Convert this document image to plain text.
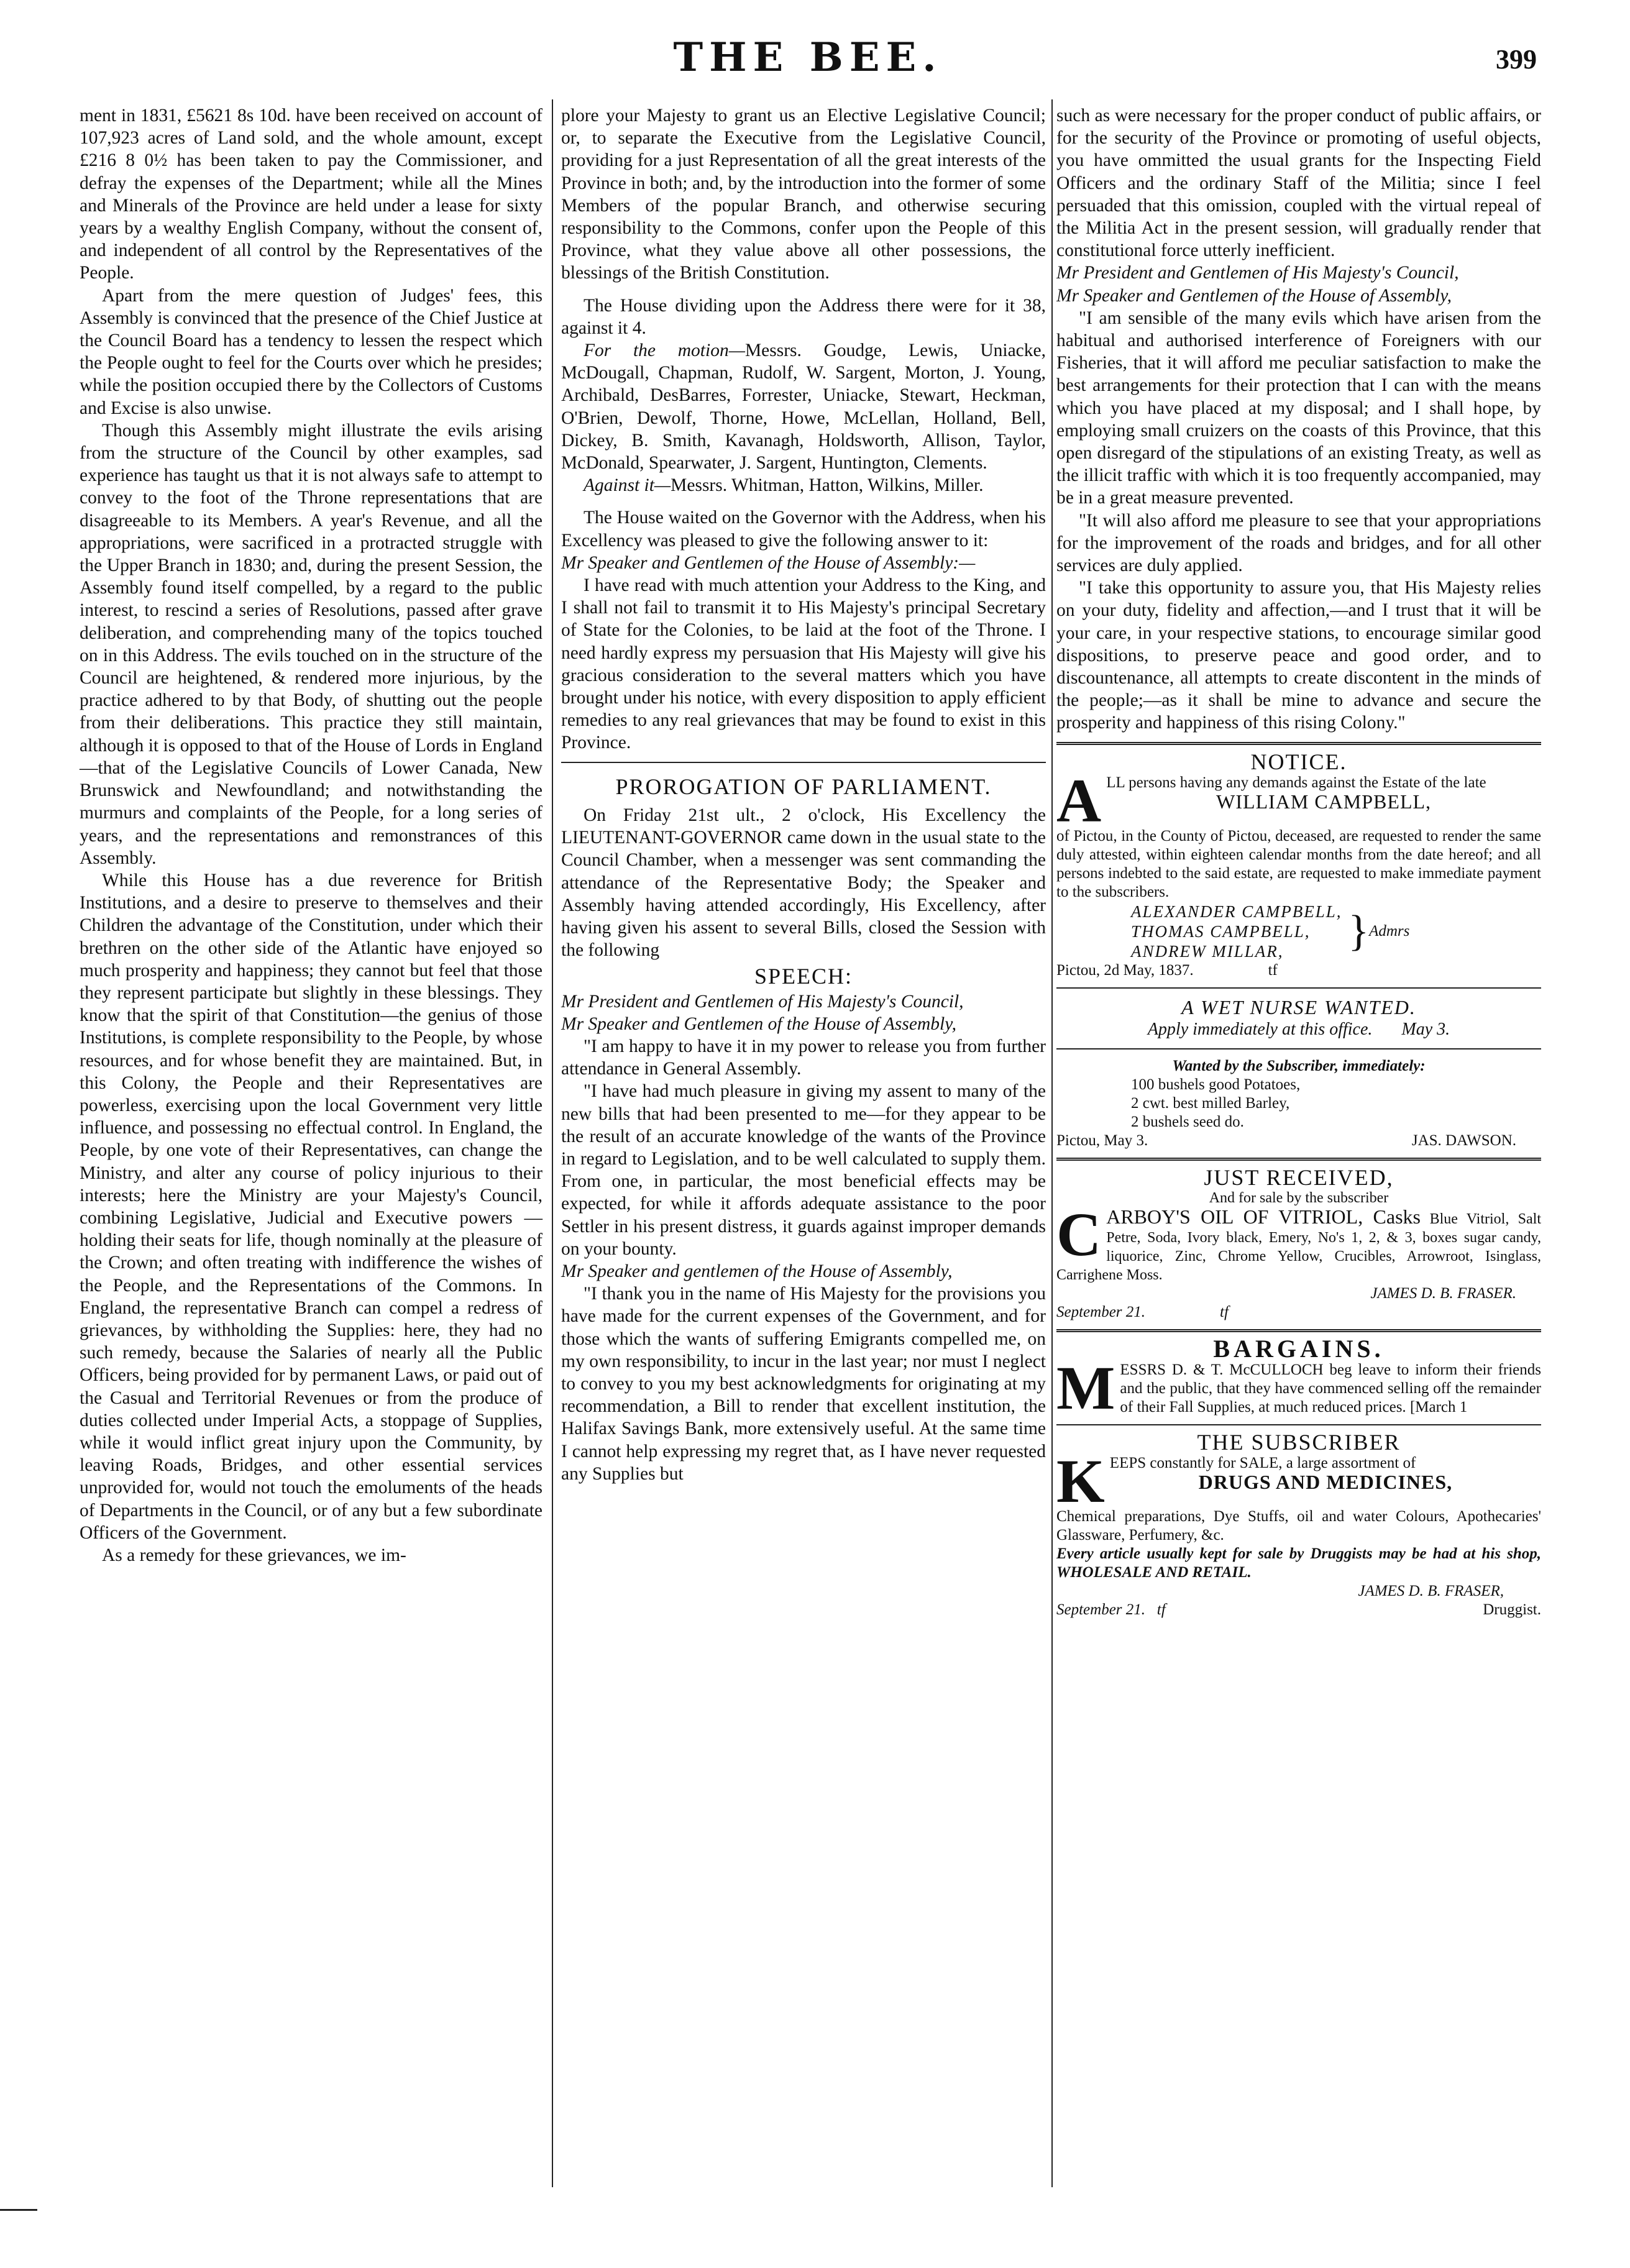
THE BEE.	399

ment in 1831, £5621 8s 10d. have been received on account of 107,923 acres of Land sold, and the whole amount, except £216 8 0½ has been taken to pay the Commissioner, and defray the expenses of the Department; while all the Mines and Minerals of the Province are held under a lease for sixty years by a wealthy English Company, without the consent of, and independent of all control by the Representatives of the People.

Apart from the mere question of Judges' fees, this Assembly is convinced that the presence of the Chief Justice at the Council Board has a tendency to lessen the respect which the People ought to feel for the Courts over which he presides; while the position occupied there by the Collectors of Customs and Excise is also unwise.

Though this Assembly might illustrate the evils arising from the structure of the Council by other examples, sad experience has taught us that it is not always safe to attempt to convey to the foot of the Throne representations that are disagreeable to its Members. A year's Revenue, and all the appropriations, were sacrificed in a protracted struggle with the Upper Branch in 1830; and, during the present Session, the Assembly found itself compelled, by a regard to the public interest, to rescind a series of Resolutions, passed after grave deliberation, and comprehending many of the topics touched on in this Address. The evils touched on in the structure of the Council are heightened, & rendered more injurious, by the practice adhered to by that Body, of shutting out the people from their deliberations. This practice they still maintain, although it is opposed to that of the House of Lords in England —that of the Legislative Councils of Lower Canada, New Brunswick and Newfoundland; and notwithstanding the murmurs and complaints of the People, for a long series of years, and the representations and remonstrances of this Assembly.

While this House has a due reverence for British Institutions, and a desire to preserve to themselves and their Children the advantage of the Constitution, under which their brethren on the other side of the Atlantic have enjoyed so much prosperity and happiness; they cannot but feel that those they represent participate but slightly in these blessings. They know that the spirit of that Constitution—the genius of those Institutions, is complete responsibility to the People, by whose resources, and for whose benefit they are maintained. But, in this Colony, the People and their Representatives are powerless, exercising upon the local Government very little influence, and possessing no effectual control. In England, the People, by one vote of their Representatives, can change the Ministry, and alter any course of policy injurious to their interests; here the Ministry are your Majesty's Council, combining Legislative, Judicial and Executive powers —holding their seats for life, though nominally at the pleasure of the Crown; and often treating with indifference the wishes of the People, and the Representations of the Commons. In England, the representative Branch can compel a redress of grievances, by withholding the Supplies: here, they had no such remedy, because the Salaries of nearly all the Public Officers, being provided for by permanent Laws, or paid out of the Casual and Territorial Revenues or from the produce of duties collected under Imperial Acts, a stoppage of Supplies, while it would inflict great injury upon the Community, by leaving Roads, Bridges, and other essential services unprovided for, would not touch the emoluments of the heads of Departments in the Council, or of any but a few subordinate Officers of the Government.

As a remedy for these grievances, we im-

plore your Majesty to grant us an Elective Legislative Council; or, to separate the Executive from the Legislative Council, providing for a just Representation of all the great interests of the Province in both; and, by the introduction into the former of some Members of the popular Branch, and otherwise securing responsibility to the Commons, confer upon the People of this Province, what they value above all other possessions, the blessings of the British Constitution.

The House dividing upon the Address there were for it 38, against it 4.

For the motion—Messrs. Goudge, Lewis, Uniacke, McDougall, Chapman, Rudolf, W. Sargent, Morton, J. Young, Archibald, DesBarres, Forrester, Uniacke, Stewart, Heckman, O'Brien, Dewolf, Thorne, Howe, McLellan, Holland, Bell, Dickey, B. Smith, Kavanagh, Holdsworth, Allison, Taylor, McDonald, Spearwater, J. Sargent, Huntington, Clements.

Against it—Messrs. Whitman, Hatton, Wilkins, Miller.

The House waited on the Governor with the Address, when his Excellency was pleased to give the following answer to it:

Mr Speaker and Gentlemen of the House of Assembly:—

I have read with much attention your Address to the King, and I shall not fail to transmit it to His Majesty's principal Secretary of State for the Colonies, to be laid at the foot of the Throne. I need hardly express my persuasion that His Majesty will give his gracious consideration to the several matters which you have brought under his notice, with every disposition to apply efficient remedies to any real grievances that may be found to exist in this Province.

PROROGATION OF PARLIAMENT.

On Friday 21st ult., 2 o'clock, His Excellency the LIEUTENANT-GOVERNOR came down in the usual state to the Council Chamber, when a messenger was sent commanding the attendance of the Representative Body; the Speaker and Assembly having attended accordingly, His Excellency, after having given his assent to several Bills, closed the Session with the following

SPEECH:

Mr President and Gentlemen of His Majesty's Council,

Mr Speaker and Gentlemen of the House of Assembly,

"I am happy to have it in my power to release you from further attendance in General Assembly.

"I have had much pleasure in giving my assent to many of the new bills that had been presented to me—for they appear to be the result of an accurate knowledge of the wants of the Province in regard to Legislation, and to be well calculated to supply them. From one, in particular, the most beneficial effects may be expected, for while it affords adequate assistance to the poor Settler in his present distress, it guards against improper demands on your bounty.

Mr Speaker and gentlemen of the House of Assembly,

"I thank you in the name of His Majesty for the provisions you have made for the current expenses of the Government, and for those which the wants of suffering Emigrants compelled me, on my own responsibility, to incur in the last year; nor must I neglect to convey to you my best acknowledgments for originating at my recommendation, a Bill to render that excellent institution, the Halifax Savings Bank, more extensively useful. At the same time I cannot help expressing my regret that, as I have never requested any Supplies but

such as were necessary for the proper conduct of public affairs, or for the security of the Province or promoting of useful objects, you have ommitted the usual grants for the Inspecting Field Officers and the ordinary Staff of the Militia; since I feel persuaded that this omission, coupled with the virtual repeal of the Militia Act in the present session, will gradually render that constitutional force utterly inefficient.

Mr President and Gentlemen of His Majesty's Council,

Mr Speaker and Gentlemen of the House of Assembly,

"I am sensible of the many evils which have arisen from the habitual and authorised interference of Foreigners with our Fisheries, that it will afford me peculiar satisfaction to make the best arrangements for their protection that I can with the means which you have placed at my disposal; and I shall hope, by employing small cruizers on the coasts of this Province, that this open disregard of the stipulations of an existing Treaty, as well as the illicit traffic with which it is too frequently accompanied, may be in a great measure prevented.

"It will also afford me pleasure to see that your appropriations for the improvement of the roads and bridges, and for all other services are duly applied.

"I take this opportunity to assure you, that His Majesty relies on your duty, fidelity and affection,—and I trust that it will be your care, in your respective stations, to encourage similar good dispositions, to preserve peace and good order, and to discountenance, all attempts to create discontent in the minds of the people;—as it shall be mine to advance and secure the prosperity and happiness of this rising Colony."

NOTICE.
A LL persons having any demands against the Estate of the late
WILLIAM CAMPBELL,
of Pictou, in the County of Pictou, deceased, are requested to render the same duly attested, within eighteen calendar months from the date hereof; and all persons indebted to the said estate, are requested to make immediate payment to the subscribers.
ALEXANDER CAMPBELL,
THOMAS CAMPBELL,
ANDREW MILLAR,	} Admrs
Pictou, 2d May, 1837.	tf
A WET NURSE WANTED.
Apply immediately at this office. May 3.
Wanted by the Subscriber, immediately:
100 bushels good Potatoes,
2 cwt. best milled Barley,
2 bushels seed do.
Pictou, May 3.	JAS. DAWSON.
JUST RECEIVED,
And for sale by the subscriber
C ARBOY'S OIL OF VITRIOL, Casks Blue Vitriol, Salt Petre, Soda, Ivory black, Emery, No's 1, 2, & 3, boxes sugar candy, liquorice, Zinc, Chrome Yellow, Crucibles, Arrowroot, Isinglass, Carrighene Moss.
JAMES D. B. FRASER.
September 21.	tf
BARGAINS.
M ESSRS D. & T. McCULLOCH beg leave to inform their friends and the public, that they have commenced selling off the remainder of their Fall Supplies, at much reduced prices. [March 1
THE SUBSCRIBER
K EEPS constantly for SALE, a large assortment of
DRUGS AND MEDICINES,
Chemical preparations, Dye Stuffs, oil and water Colours, Apothecaries' Glassware, Perfumery, &c.
Every article usually kept for sale by Druggists may be had at his shop, WHOLESALE AND RETAIL.
JAMES D. B. FRASER,
September 21. tf	Druggist.
